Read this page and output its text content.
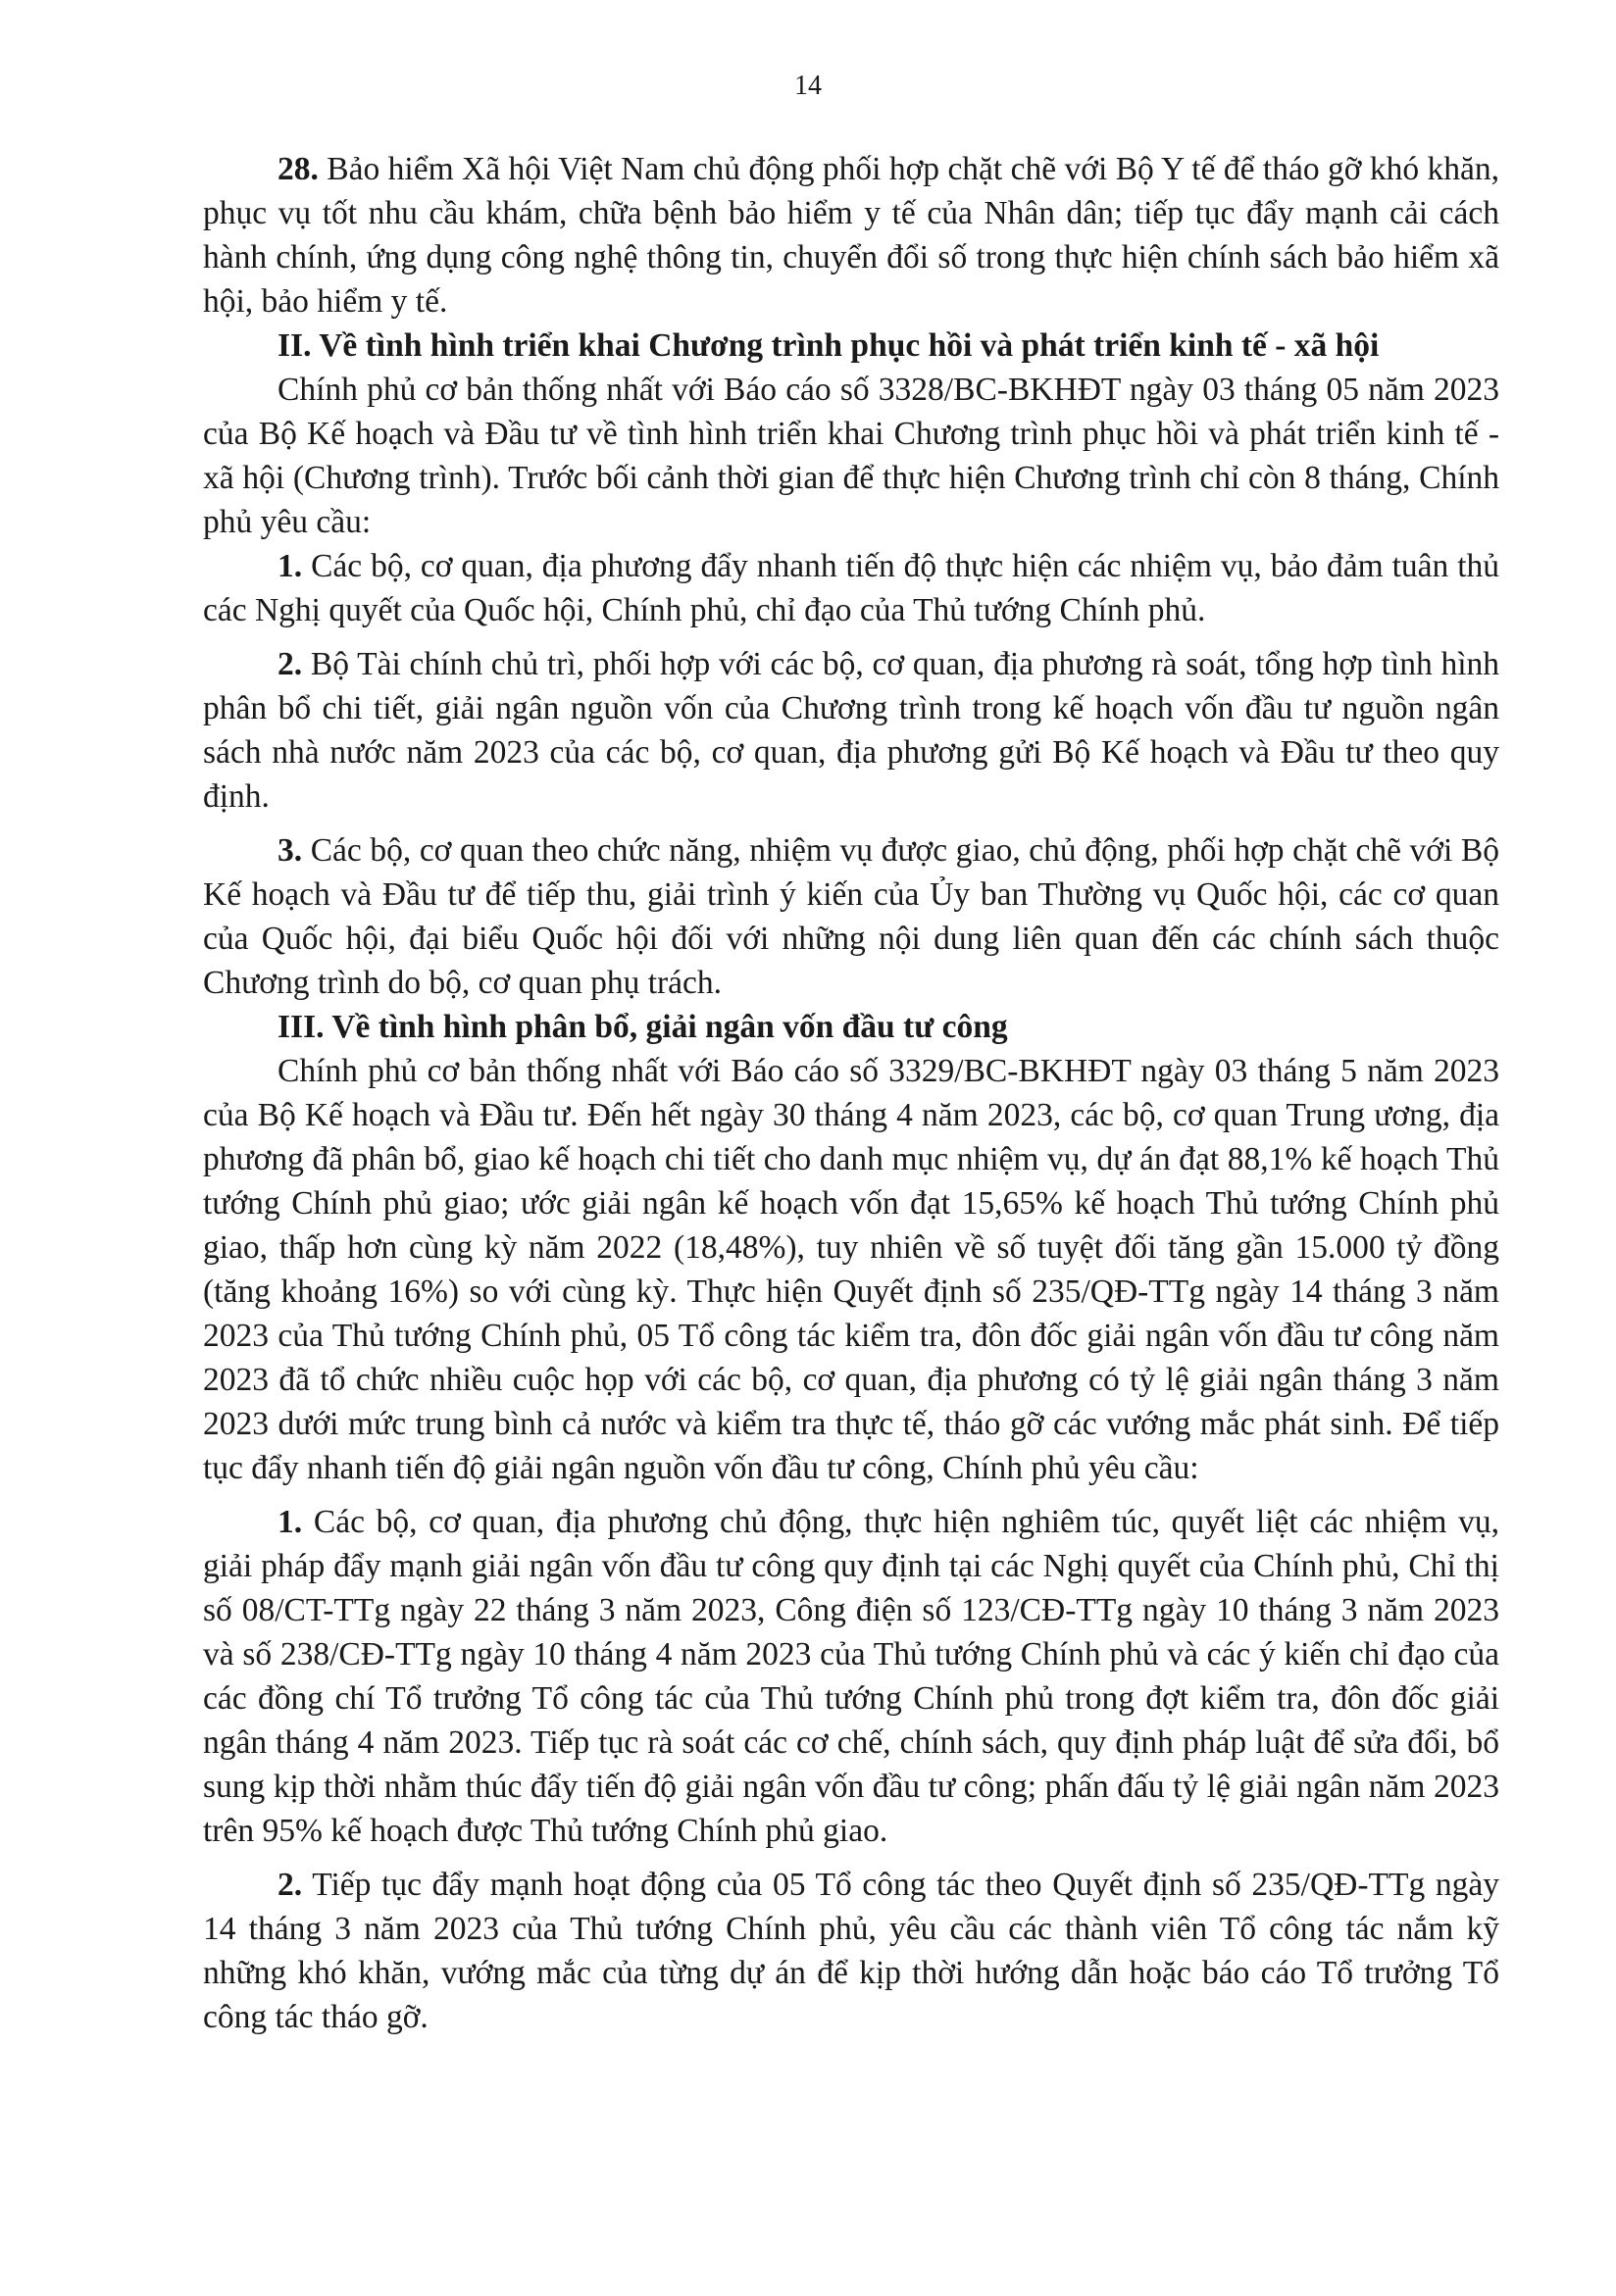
14

28. Bảo hiểm Xã hội Việt Nam chủ động phối hợp chặt chẽ với Bộ Y tế để tháo gỡ khó khăn, phục vụ tốt nhu cầu khám, chữa bệnh bảo hiểm y tế của Nhân dân; tiếp tục đẩy mạnh cải cách hành chính, ứng dụng công nghệ thông tin, chuyển đổi số trong thực hiện chính sách bảo hiểm xã hội, bảo hiểm y tế.

II. Về tình hình triển khai Chương trình phục hồi và phát triển kinh tế - xã hội

Chính phủ cơ bản thống nhất với Báo cáo số 3328/BC-BKHĐT ngày 03 tháng 05 năm 2023 của Bộ Kế hoạch và Đầu tư về tình hình triển khai Chương trình phục hồi và phát triển kinh tế - xã hội (Chương trình). Trước bối cảnh thời gian để thực hiện Chương trình chỉ còn 8 tháng, Chính phủ yêu cầu:

1. Các bộ, cơ quan, địa phương đẩy nhanh tiến độ thực hiện các nhiệm vụ, bảo đảm tuân thủ các Nghị quyết của Quốc hội, Chính phủ, chỉ đạo của Thủ tướng Chính phủ.

2. Bộ Tài chính chủ trì, phối hợp với các bộ, cơ quan, địa phương rà soát, tổng hợp tình hình phân bổ chi tiết, giải ngân nguồn vốn của Chương trình trong kế hoạch vốn đầu tư nguồn ngân sách nhà nước năm 2023 của các bộ, cơ quan, địa phương gửi Bộ Kế hoạch và Đầu tư theo quy định.

3. Các bộ, cơ quan theo chức năng, nhiệm vụ được giao, chủ động, phối hợp chặt chẽ với Bộ Kế hoạch và Đầu tư để tiếp thu, giải trình ý kiến của Ủy ban Thường vụ Quốc hội, các cơ quan của Quốc hội, đại biểu Quốc hội đối với những nội dung liên quan đến các chính sách thuộc Chương trình do bộ, cơ quan phụ trách.

III. Về tình hình phân bổ, giải ngân vốn đầu tư công

Chính phủ cơ bản thống nhất với Báo cáo số 3329/BC-BKHĐT ngày 03 tháng 5 năm 2023 của Bộ Kế hoạch và Đầu tư. Đến hết ngày 30 tháng 4 năm 2023, các bộ, cơ quan Trung ương, địa phương đã phân bổ, giao kế hoạch chi tiết cho danh mục nhiệm vụ, dự án đạt 88,1% kế hoạch Thủ tướng Chính phủ giao; ước giải ngân kế hoạch vốn đạt 15,65% kế hoạch Thủ tướng Chính phủ giao, thấp hơn cùng kỳ năm 2022 (18,48%), tuy nhiên về số tuyệt đối tăng gần 15.000 tỷ đồng (tăng khoảng 16%) so với cùng kỳ. Thực hiện Quyết định số 235/QĐ-TTg ngày 14 tháng 3 năm 2023 của Thủ tướng Chính phủ, 05 Tổ công tác kiểm tra, đôn đốc giải ngân vốn đầu tư công năm 2023 đã tổ chức nhiều cuộc họp với các bộ, cơ quan, địa phương có tỷ lệ giải ngân tháng 3 năm 2023 dưới mức trung bình cả nước và kiểm tra thực tế, tháo gỡ các vướng mắc phát sinh. Để tiếp tục đẩy nhanh tiến độ giải ngân nguồn vốn đầu tư công, Chính phủ yêu cầu:

1. Các bộ, cơ quan, địa phương chủ động, thực hiện nghiêm túc, quyết liệt các nhiệm vụ, giải pháp đẩy mạnh giải ngân vốn đầu tư công quy định tại các Nghị quyết của Chính phủ, Chỉ thị số 08/CT-TTg ngày 22 tháng 3 năm 2023, Công điện số 123/CĐ-TTg ngày 10 tháng 3 năm 2023 và số 238/CĐ-TTg ngày 10 tháng 4 năm 2023 của Thủ tướng Chính phủ và các ý kiến chỉ đạo của các đồng chí Tổ trưởng Tổ công tác của Thủ tướng Chính phủ trong đợt kiểm tra, đôn đốc giải ngân tháng 4 năm 2023. Tiếp tục rà soát các cơ chế, chính sách, quy định pháp luật để sửa đổi, bổ sung kịp thời nhằm thúc đẩy tiến độ giải ngân vốn đầu tư công; phấn đấu tỷ lệ giải ngân năm 2023 trên 95% kế hoạch được Thủ tướng Chính phủ giao.

2. Tiếp tục đẩy mạnh hoạt động của 05 Tổ công tác theo Quyết định số 235/QĐ-TTg ngày 14 tháng 3 năm 2023 của Thủ tướng Chính phủ, yêu cầu các thành viên Tổ công tác nắm kỹ những khó khăn, vướng mắc của từng dự án để kịp thời hướng dẫn hoặc báo cáo Tổ trưởng Tổ công tác tháo gỡ.
